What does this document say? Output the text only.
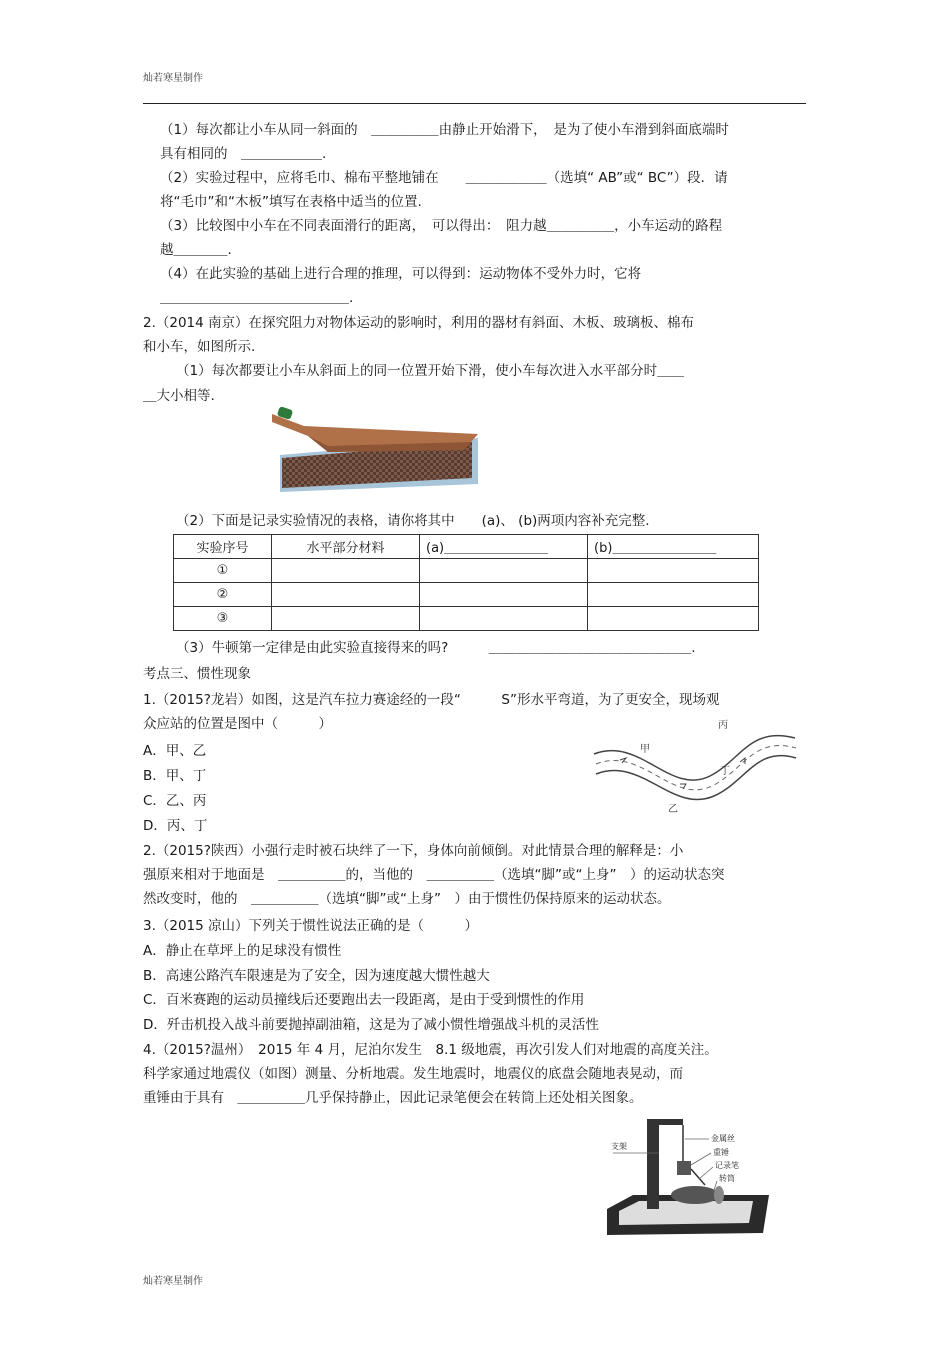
灿若寒星制作
（1）每次都让小车从同一斜面的　＿＿＿＿＿由静止开始滑下，　是为了使小车滑到斜面底端时
具有相同的　＿＿＿＿＿＿.
（2）实验过程中，应将毛巾、棉布平整地铺在　　＿＿＿＿＿＿（选填“ AB”或“ BC”）段．请
将“毛巾”和“木板”填写在表格中适当的位置.
（3）比较图中小车在不同表面滑行的距离，　可以得出：　阻力越＿＿＿＿＿，小车运动的路程
越＿＿＿＿.
（4）在此实验的基础上进行合理的推理，可以得到：运动物体不受外力时，它将
＿＿＿＿＿＿＿＿＿＿＿＿＿＿.
2.（2014 南京）在探究阻力对物体运动的影响时，利用的器材有斜面、木板、玻璃板、棉布
和小车，如图所示.
（1）每次都要让小车从斜面上的同一位置开始下滑，使小车每次进入水平部分时＿＿
＿大小相等.
（2）下面是记录实验情况的表格，请你将其中　　(a)、 (b)两项内容补充完整.
实验序号	水平部分材料	(a)＿＿＿＿＿＿＿＿	(b)＿＿＿＿＿＿＿＿
①			
②			
③			
（3）牛顿第一定律是由此实验直接得来的吗?　　　＿＿＿＿＿＿＿＿＿＿＿＿＿＿＿.
考点三、惯性现象
1.（2015?龙岩）如图，这是汽车拉力赛途经的一段“　　　S”形水平弯道，为了更安全，现场观
众应站的位置是图中（　　　）
A．甲、乙
B．甲、丁
C．乙、丙
D．丙、丁
丙
甲
丁
乙
2.（2015?陕西）小强行走时被石块绊了一下，身体向前倾倒。对此情景合理的解释是：小
强原来相对于地面是　＿＿＿＿＿的，当他的　＿＿＿＿＿（选填“脚”或“上身”　）的运动状态突
然改变时，他的　＿＿＿＿＿（选填“脚”或“上身”　）由于惯性仍保持原来的运动状态。
3.（2015 凉山）下列关于惯性说法正确的是（　　　）
A．静止在草坪上的足球没有惯性
B．高速公路汽车限速是为了安全，因为速度越大惯性越大
C．百米赛跑的运动员撞线后还要跑出去一段距离，是由于受到惯性的作用
D．歼击机投入战斗前要抛掉副油箱，这是为了减小惯性增强战斗机的灵活性
4.（2015?温州）　2015 年 4 月，尼泊尔发生　8.1 级地震，再次引发人们对地震的高度关注。
科学家通过地震仪（如图）测量、分析地震。发生地震时，地震仪的底盘会随地表晃动，而
重锤由于具有　＿＿＿＿＿几乎保持静止，因此记录笔便会在转筒上还处相关图象。
支架
金属丝
重锤
记录笔
转筒
灿若寒星制作
